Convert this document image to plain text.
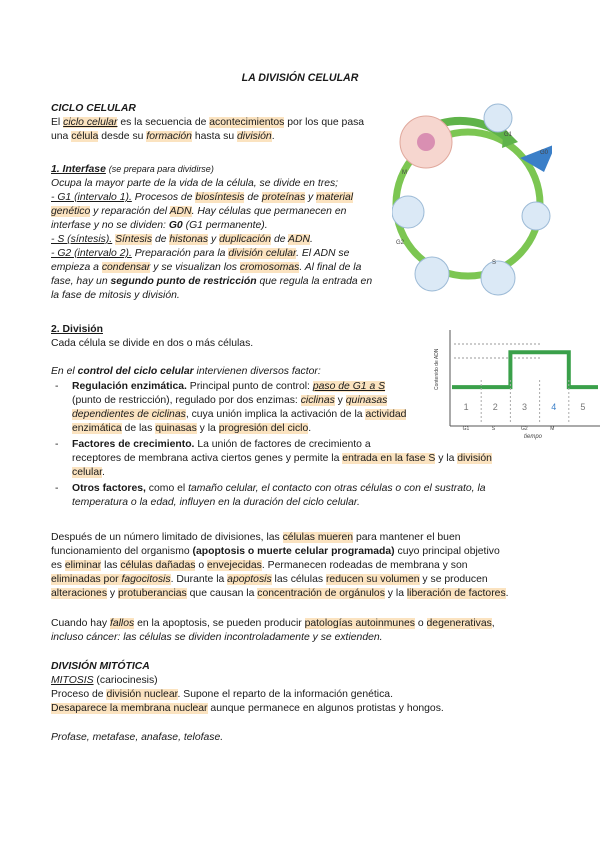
LA DIVISIÓN CELULAR
CICLO CELULAR
El ciclo celular es la secuencia de acontecimientos por los que pasa
una célula desde su formación hasta su división.
1. Interfase (se prepara para dividirse)
Ocupa la mayor parte de la vida de la célula, se divide en tres;
- G1 (intervalo 1). Procesos de biosíntesis de proteínas y material
genético y reparación del ADN. Hay células que permanecen en
interfase y no se dividen: G0 (G1 permanente).
- S (síntesis). Síntesis de histonas y duplicación de ADN.
- G2 (intervalo 2). Preparación para la división celular. El ADN se
empieza a condensar y se visualizan los cromosomas. Al final de la
fase, hay un segundo punto de restricción que regula la entrada en
la fase de mitosis y división.
M
G1
G0
S
G2
2. División
Cada célula se divide en dos o más células.
En el control del ciclo celular intervienen diversos factor:
- Regulación enzimática. Principal punto de control: paso de G1 a S
(punto de restricción), regulado por dos enzimas: ciclinas y quinasas
dependientes de ciclinas, cuya unión implica la activación de la actividad
enzimática de las quinasas y la progresión del ciclo.
- Factores de crecimiento. La unión de factores de crecimiento a
receptores de membrana activa ciertos genes y permite la entrada en la fase S y la división
celular.
- Otros factores, como el tamaño celular, el contacto con otras células o con el sustrato, la
temperatura o la edad, influyen en la duración del ciclo celular.
1	2	3	4	5
G1	S	G2	M
tiempo
Contenido de ADN
Después de un número limitado de divisiones, las células mueren para mantener el buen
funcionamiento del organismo (apoptosis o muerte celular programada) cuyo principal objetivo
es eliminar las células dañadas o envejecidas. Permanecen rodeadas de membrana y son
eliminadas por fagocitosis. Durante la apoptosis las células reducen su volumen y se producen
alteraciones y protuberancias que causan la concentración de orgánulos y la liberación de factores.
Cuando hay fallos en la apoptosis, se pueden producir patologías autoinmunes o degenerativas,
incluso cáncer: las células se dividen incontroladamente y se extienden.
DIVISIÓN MITÓTICA
MITOSIS (cariocinesis)
Proceso de división nuclear. Supone el reparto de la información genética.
Desaparece la membrana nuclear aunque permanece en algunos protistas y hongos.
Profase, metafase, anafase, telofase.
